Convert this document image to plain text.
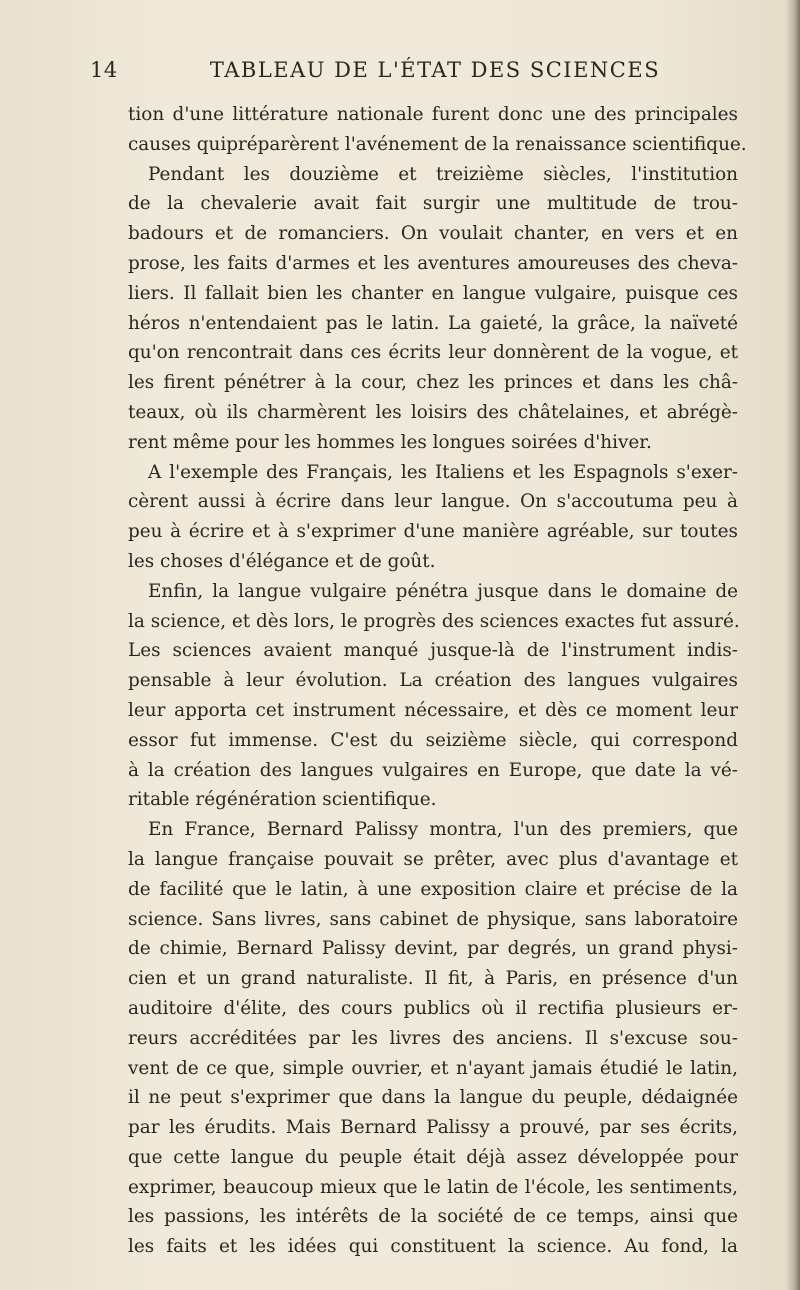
14	TABLEAU DE L'ÉTAT DES SCIENCES
tion d'une littérature nationale furent donc une des principales
causes quipréparèrent l'avénement de la renaissance scientifique.
Pendant les douzième et treizième siècles, l'institution
de la chevalerie avait fait surgir une multitude de trou-
badours et de romanciers. On voulait chanter, en vers et en
prose, les faits d'armes et les aventures amoureuses des cheva-
liers. Il fallait bien les chanter en langue vulgaire, puisque ces
héros n'entendaient pas le latin. La gaieté, la grâce, la naïveté
qu'on rencontrait dans ces écrits leur donnèrent de la vogue, et
les firent pénétrer à la cour, chez les princes et dans les châ-
teaux, où ils charmèrent les loisirs des châtelaines, et abrégè-
rent même pour les hommes les longues soirées d'hiver.
A l'exemple des Français, les Italiens et les Espagnols s'exer-
cèrent aussi à écrire dans leur langue. On s'accoutuma peu à
peu à écrire et à s'exprimer d'une manière agréable, sur toutes
les choses d'élégance et de goût.
Enfin, la langue vulgaire pénétra jusque dans le domaine de
la science, et dès lors, le progrès des sciences exactes fut assuré.
Les sciences avaient manqué jusque-là de l'instrument indis-
pensable à leur évolution. La création des langues vulgaires
leur apporta cet instrument nécessaire, et dès ce moment leur
essor fut immense. C'est du seizième siècle, qui correspond
à la création des langues vulgaires en Europe, que date la vé-
ritable régénération scientifique.
En France, Bernard Palissy montra, l'un des premiers, que
la langue française pouvait se prêter, avec plus d'avantage et
de facilité que le latin, à une exposition claire et précise de la
science. Sans livres, sans cabinet de physique, sans laboratoire
de chimie, Bernard Palissy devint, par degrés, un grand physi-
cien et un grand naturaliste. Il fit, à Paris, en présence d'un
auditoire d'élite, des cours publics où il rectifia plusieurs er-
reurs accréditées par les livres des anciens. Il s'excuse sou-
vent de ce que, simple ouvrier, et n'ayant jamais étudié le latin,
il ne peut s'exprimer que dans la langue du peuple, dédaignée
par les érudits. Mais Bernard Palissy a prouvé, par ses écrits,
que cette langue du peuple était déjà assez développée pour
exprimer, beaucoup mieux que le latin de l'école, les sentiments,
les passions, les intérêts de la société de ce temps, ainsi que
les faits et les idées qui constituent la science. Au fond, la
